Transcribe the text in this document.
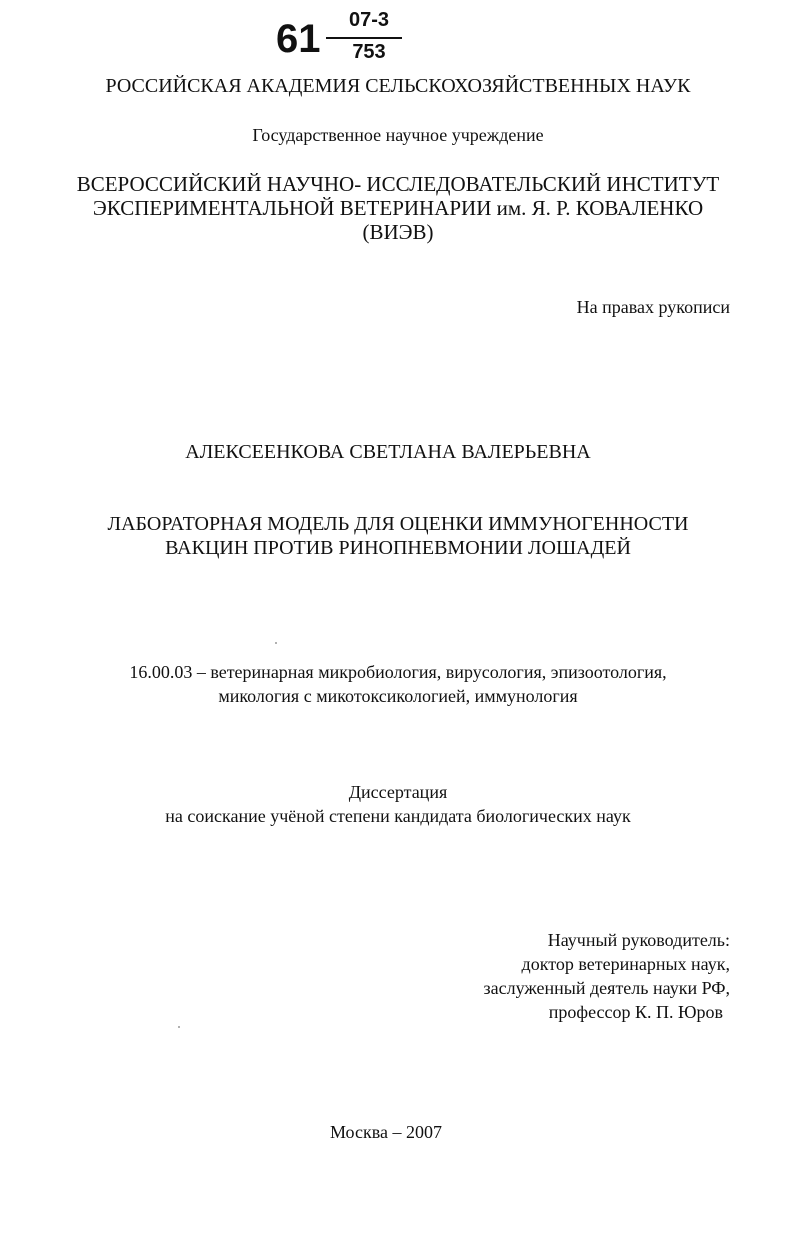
61	07-3
753
РОССИЙСКАЯ АКАДЕМИЯ СЕЛЬСКОХОЗЯЙСТВЕННЫХ НАУК
Государственное научное учреждение
ВСЕРОССИЙСКИЙ НАУЧНО- ИССЛЕДОВАТЕЛЬСКИЙ ИНСТИТУТ
ЭКСПЕРИМЕНТАЛЬНОЙ ВЕТЕРИНАРИИ им. Я. Р. КОВАЛЕНКО
(ВИЭВ)
На правах рукописи
АЛЕКСЕЕНКОВА СВЕТЛАНА ВАЛЕРЬЕВНА
ЛАБОРАТОРНАЯ МОДЕЛЬ ДЛЯ ОЦЕНКИ ИММУНОГЕННОСТИ
ВАКЦИН ПРОТИВ РИНОПНЕВМОНИИ ЛОШАДЕЙ
16.00.03 – ветеринарная микробиология, вирусология, эпизоотология,
микология с микотоксикологией, иммунология
Диссертация
на соискание учёной степени кандидата биологических наук
Научный руководитель:
доктор ветеринарных наук,
заслуженный деятель науки РФ,
профессор К. П. Юров
Москва – 2007
